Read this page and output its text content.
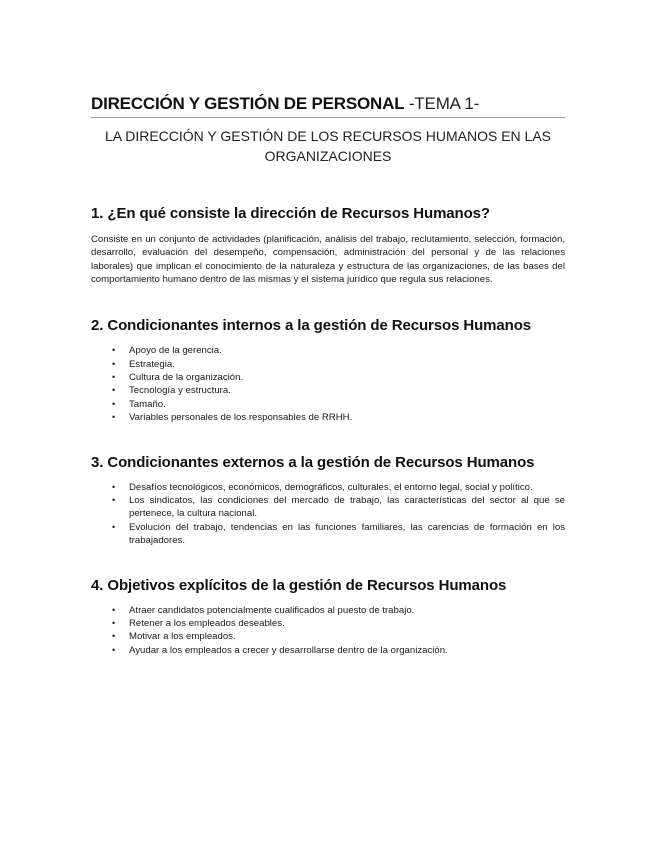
DIRECCIÓN Y GESTIÓN DE PERSONAL -TEMA 1-
LA DIRECCIÓN Y GESTIÓN DE LOS RECURSOS HUMANOS EN LAS ORGANIZACIONES
1. ¿En qué consiste la dirección de Recursos Humanos?

Consiste en un conjunto de actividades (planificación, análisis del trabajo, reclutamiento, selección, formación, desarrollo, evaluación del desempeño, compensación, administración del personal y de las relaciones laborales) que implican el conocimiento de la naturaleza y estructura de las organizaciones, de las bases del comportamiento humano dentro de las mismas y el sistema jurídico que regula sus relaciones.

2. Condicionantes internos a la gestión de Recursos Humanos
• Apoyo de la gerencia.
• Estrategia.
• Cultura de la organización.
• Tecnología y estructura.
• Tamaño.
• Variables personales de los responsables de RRHH.
3. Condicionantes externos a la gestión de Recursos Humanos
• Desafíos tecnológicos, económicos, demográficos, culturales, el entorno legal, social y político.
• Los sindicatos, las condiciones del mercado de trabajo, las características del sector al que se pertenece, la cultura nacional.
• Evolución del trabajo, tendencias en las funciones familiares, las carencias de formación en los trabajadores.
4. Objetivos explícitos de la gestión de Recursos Humanos
• Atraer candidatos potencialmente cualificados al puesto de trabajo.
• Retener a los empleados deseables.
• Motivar a los empleados.
• Ayudar a los empleados a crecer y desarrollarse dentro de la organización.
